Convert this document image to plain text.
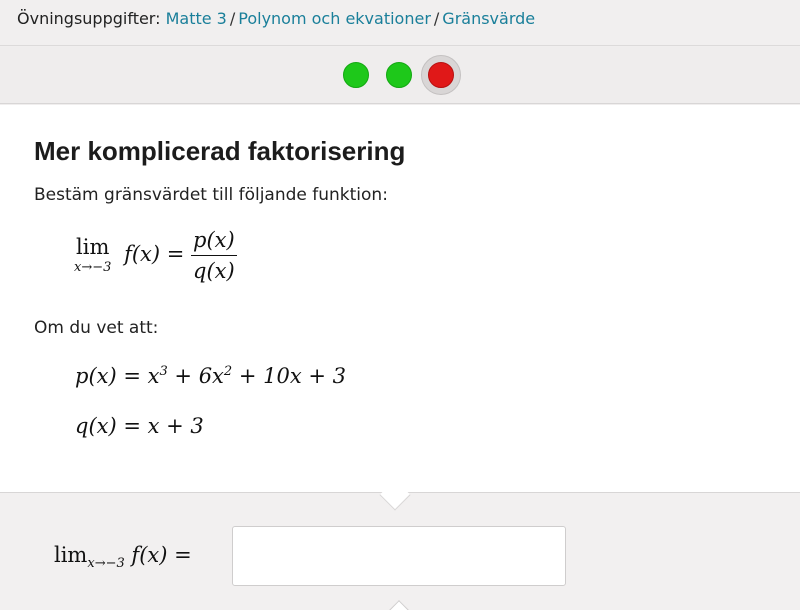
Övningsuppgifter: Matte 3 / Polynom och ekvationer / Gränsvärde
Mer komplicerad faktorisering
Bestäm gränsvärdet till följande funktion:
lim
x→−3
$f(x) = \frac{p(x)}{q(x)}$
Om du vet att:
$p(x) = x^3 + 6x^2 + 10x + 3$
q(x) = x + 3
$\lim_{x\to-3} f(x)$ =
